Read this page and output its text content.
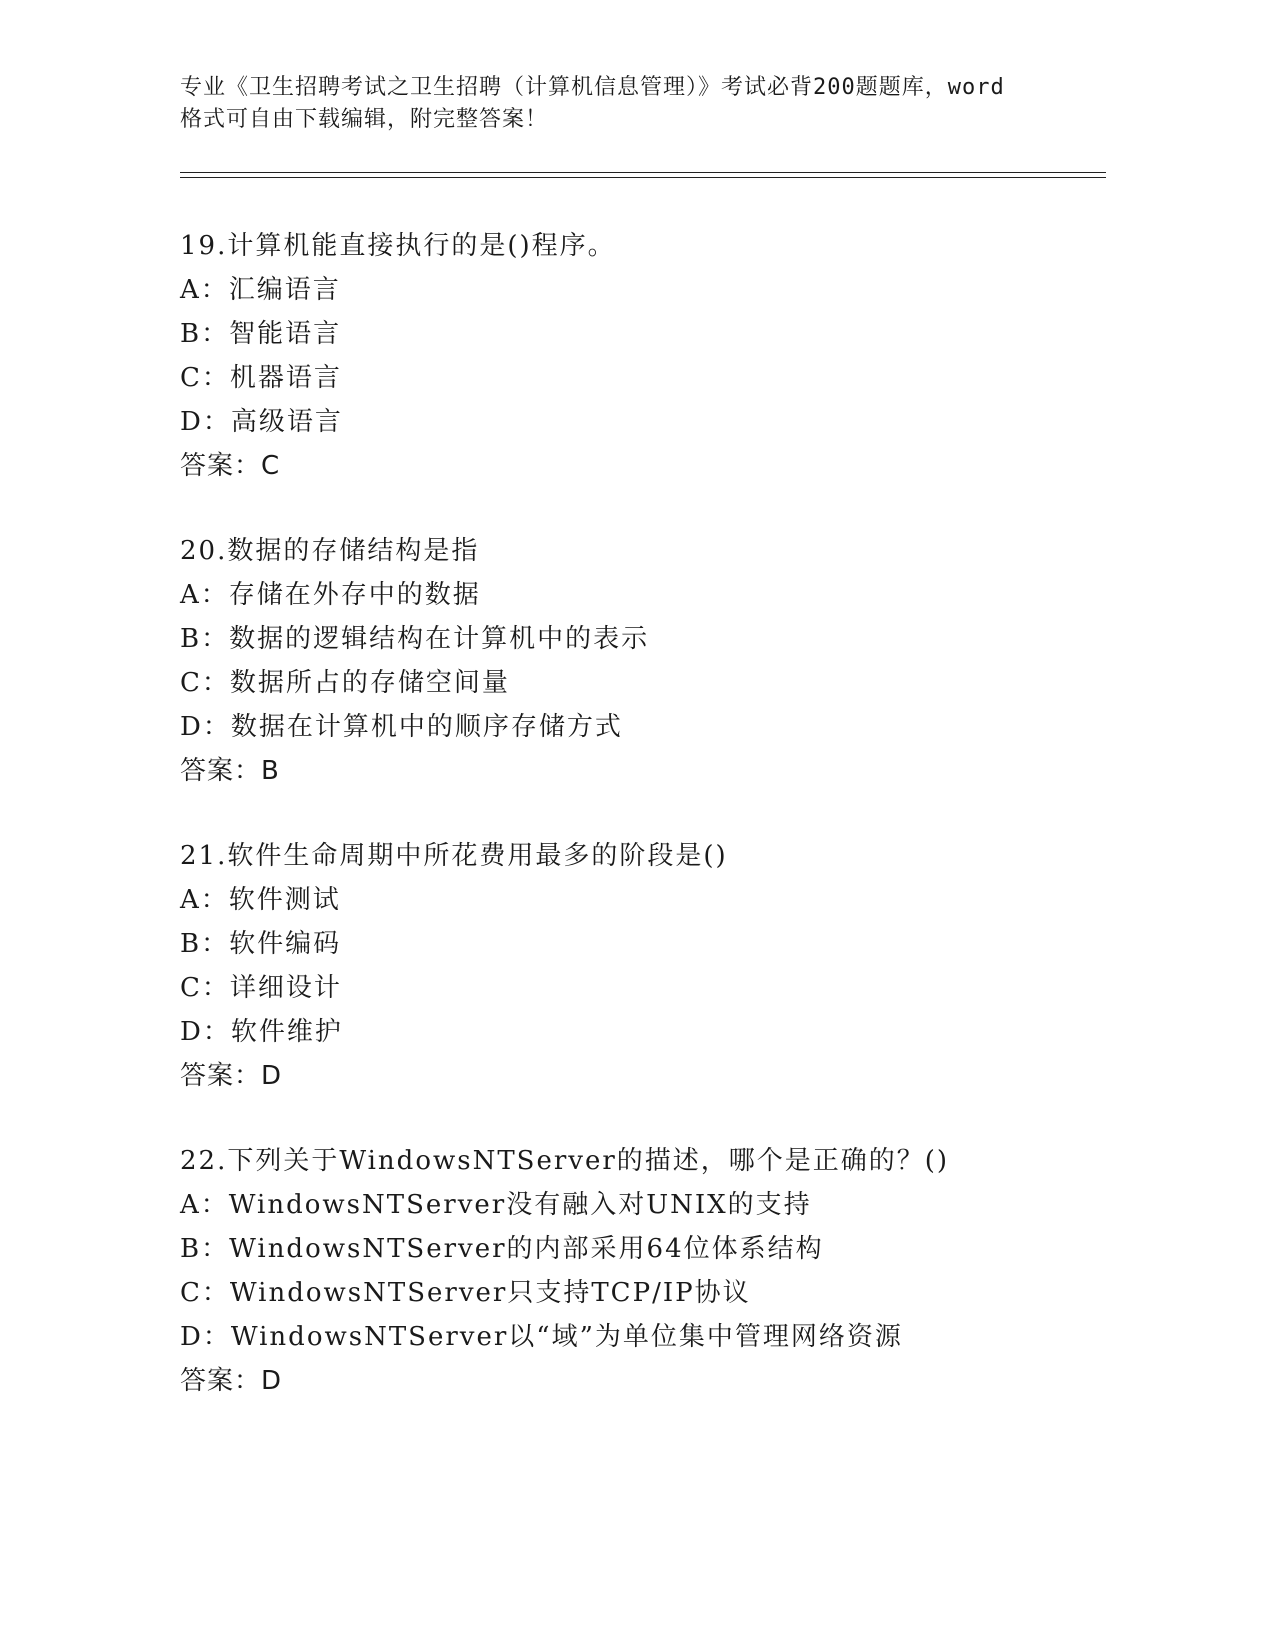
专业《卫生招聘考试之卫生招聘（计算机信息管理）》考试必背200题题库，word

格式可自由下载编辑，附完整答案！

19.计算机能直接执行的是()程序。
A：汇编语言
B：智能语言
C：机器语言
D：高级语言
答案：C
20.数据的存储结构是指
A：存储在外存中的数据
B：数据的逻辑结构在计算机中的表示
C：数据所占的存储空间量
D：数据在计算机中的顺序存储方式
答案：B
21.软件生命周期中所花费用最多的阶段是()
A：软件测试
B：软件编码
C：详细设计
D：软件维护
答案：D
22.下列关于WindowsNTServer的描述，哪个是正确的？()
A：WindowsNTServer没有融入对UNIX的支持
B：WindowsNTServer的内部采用64位体系结构
C：WindowsNTServer只支持TCP/IP协议
D：WindowsNTServer以“域”为单位集中管理网络资源
答案：D
